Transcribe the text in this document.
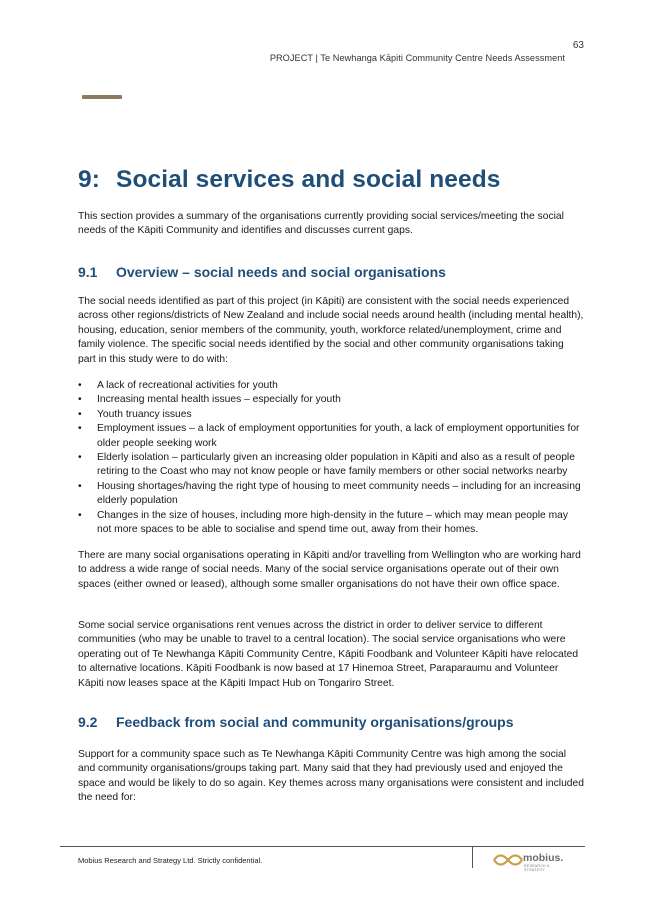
63
PROJECT | Te Newhanga Kāpiti Community Centre Needs Assessment
9: Social services and social needs

This section provides a summary of the organisations currently providing social services/meeting the social needs of the Kāpiti Community and identifies and discusses current gaps.

9.1 Overview – social needs and social organisations

The social needs identified as part of this project (in Kāpiti) are consistent with the social needs experienced across other regions/districts of New Zealand and include social needs around health (including mental health), housing, education, senior members of the community, youth, workforce related/unemployment, crime and family violence. The specific social needs identified by the social and other community organisations taking part in this study were to do with:

• A lack of recreational activities for youth
• Increasing mental health issues – especially for youth
• Youth truancy issues
• Employment issues – a lack of employment opportunities for youth, a lack of employment opportunities for older people seeking work
• Elderly isolation – particularly given an increasing older population in Kāpiti and also as a result of people retiring to the Coast who may not know people or have family members or other social networks nearby
• Housing shortages/having the right type of housing to meet community needs – including for an increasing elderly population
• Changes in the size of houses, including more high-density in the future – which may mean people may not more spaces to be able to socialise and spend time out, away from their homes.

There are many social organisations operating in Kāpiti and/or travelling from Wellington who are working hard to address a wide range of social needs. Many of the social service organisations operate out of their own spaces (either owned or leased), although some smaller organisations do not have their own office space.

Some social service organisations rent venues across the district in order to deliver service to different communities (who may be unable to travel to a central location). The social service organisations who were operating out of Te Newhanga Kāpiti Community Centre, Kāpiti Foodbank and Volunteer Kāpiti have relocated to alternative locations. Kāpiti Foodbank is now based at 17 Hinemoa Street, Paraparaumu and Volunteer Kāpiti now leases space at the Kāpiti Impact Hub on Tongariro Street.

9.2 Feedback from social and community organisations/groups

Support for a community space such as Te Newhanga Kāpiti Community Centre was high among the social and community organisations/groups taking part. Many said that they had previously used and enjoyed the space and would be likely to do so again. Key themes across many organisations were consistent and included the need for:

Mobius Research and Strategy Ltd. Strictly confidential.	mobius.
RESEARCH & STRATEGY
